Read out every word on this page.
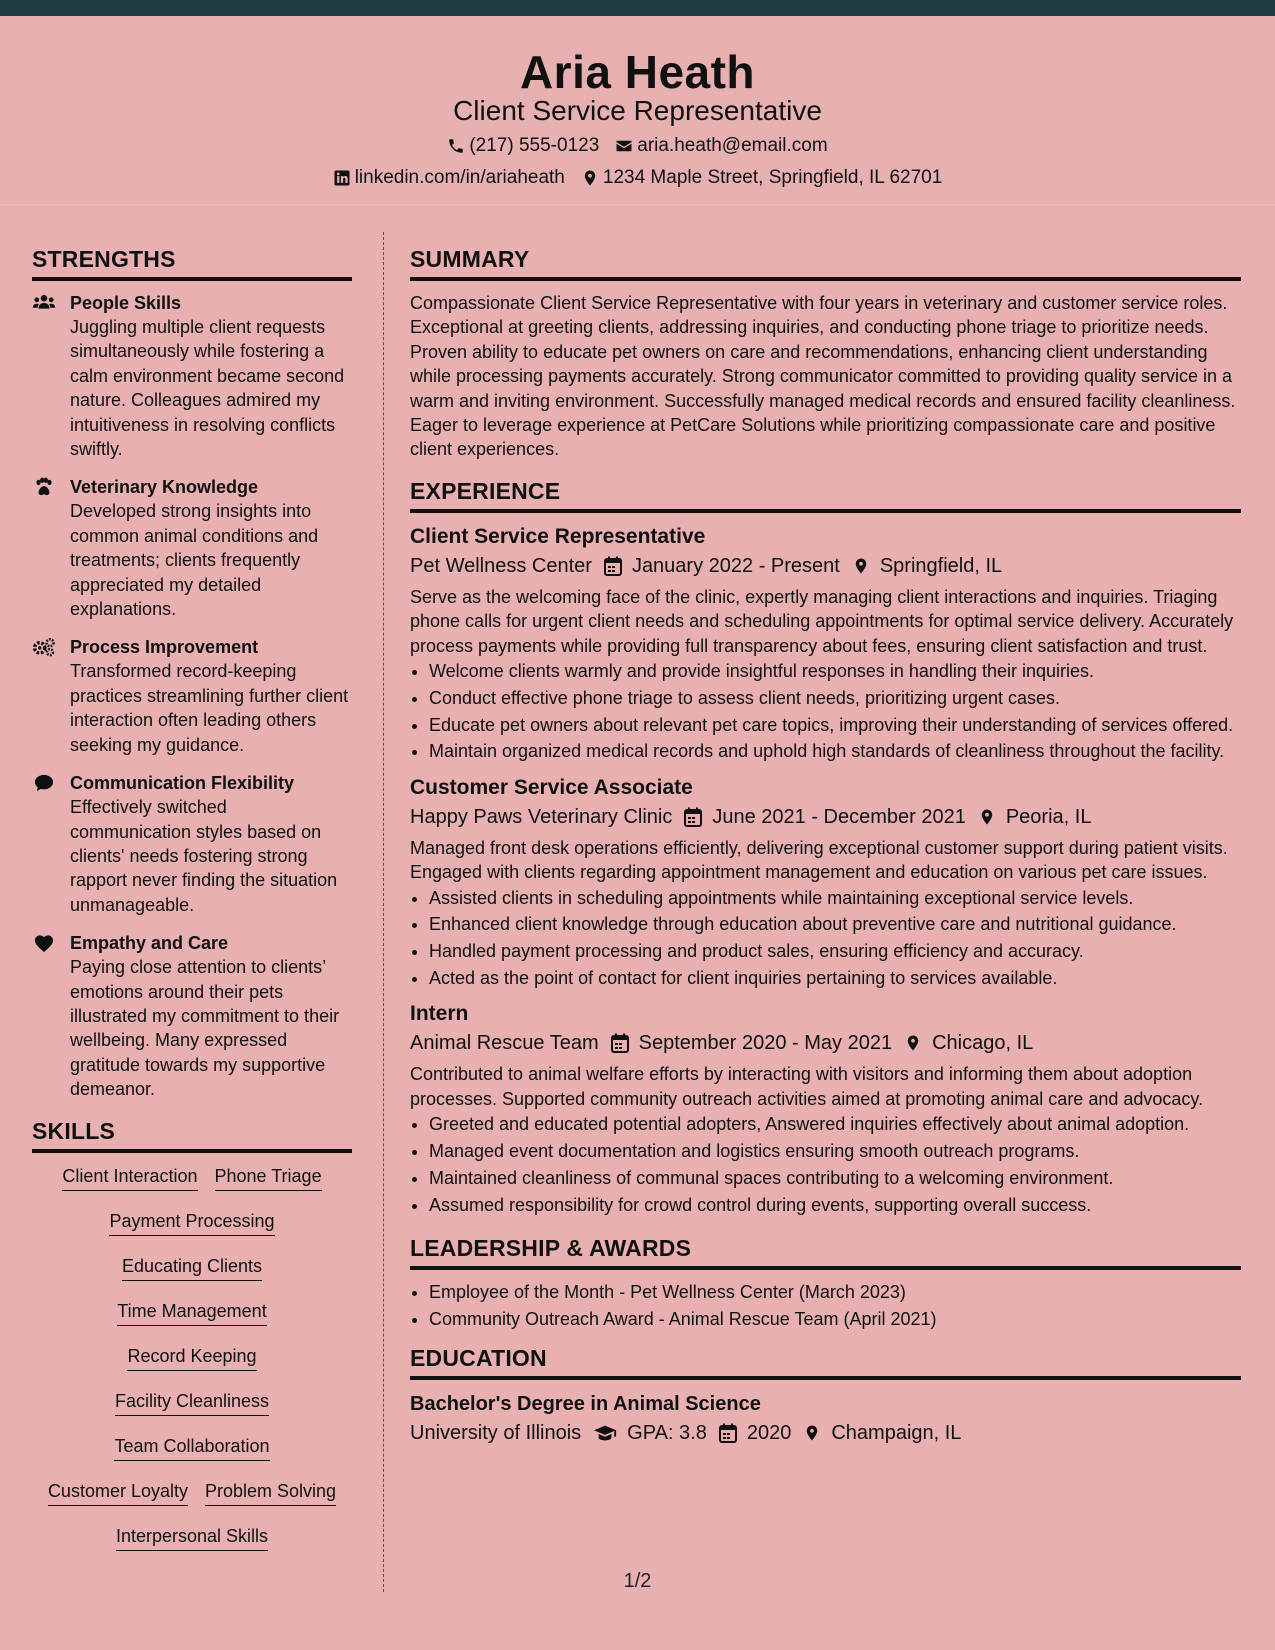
Aria Heath
Client Service Representative
(217) 555-0123 aria.heath@email.com
linkedin.com/in/ariaheath 1234 Maple Street, Springfield, IL 62701
STRENGTHS
People Skills
Juggling multiple client requests simultaneously while fostering a calm environment became second nature. Colleagues admired my intuitiveness in resolving conflicts swiftly.
Veterinary Knowledge
Developed strong insights into common animal conditions and treatments; clients frequently appreciated my detailed explanations.
Process Improvement
Transformed record-keeping practices streamlining further client interaction often leading others seeking my guidance.
Communication Flexibility
Effectively switched communication styles based on clients' needs fostering strong rapport never finding the situation unmanageable.
Empathy and Care
Paying close attention to clients’ emotions around their pets illustrated my commitment to their wellbeing. Many expressed gratitude towards my supportive demeanor.
SKILLS
Client Interaction Phone Triage
Payment Processing
Educating Clients
Time Management
Record Keeping
Facility Cleanliness
Team Collaboration
Customer Loyalty Problem Solving
Interpersonal Skills
SUMMARY
Compassionate Client Service Representative with four years in veterinary and customer service roles. Exceptional at greeting clients, addressing inquiries, and conducting phone triage to prioritize needs. Proven ability to educate pet owners on care and recommendations, enhancing client understanding while processing payments accurately. Strong communicator committed to providing quality service in a warm and inviting environment. Successfully managed medical records and ensured facility cleanliness. Eager to leverage experience at PetCare Solutions while prioritizing compassionate care and positive client experiences.
EXPERIENCE
Client Service Representative
Pet Wellness Center January 2022 - Present Springfield, IL
Serve as the welcoming face of the clinic, expertly managing client interactions and inquiries. Triaging phone calls for urgent client needs and scheduling appointments for optimal service delivery. Accurately process payments while providing full transparency about fees, ensuring client satisfaction and trust.
• Welcome clients warmly and provide insightful responses in handling their inquiries.
• Conduct effective phone triage to assess client needs, prioritizing urgent cases.
• Educate pet owners about relevant pet care topics, improving their understanding of services offered.
• Maintain organized medical records and uphold high standards of cleanliness throughout the facility.
Customer Service Associate
Happy Paws Veterinary Clinic June 2021 - December 2021 Peoria, IL
Managed front desk operations efficiently, delivering exceptional customer support during patient visits. Engaged with clients regarding appointment management and education on various pet care issues.
• Assisted clients in scheduling appointments while maintaining exceptional service levels.
• Enhanced client knowledge through education about preventive care and nutritional guidance.
• Handled payment processing and product sales, ensuring efficiency and accuracy.
• Acted as the point of contact for client inquiries pertaining to services available.
Intern
Animal Rescue Team September 2020 - May 2021 Chicago, IL
Contributed to animal welfare efforts by interacting with visitors and informing them about adoption processes. Supported community outreach activities aimed at promoting animal care and advocacy.
• Greeted and educated potential adopters, Answered inquiries effectively about animal adoption.
• Managed event documentation and logistics ensuring smooth outreach programs.
• Maintained cleanliness of communal spaces contributing to a welcoming environment.
• Assumed responsibility for crowd control during events, supporting overall success.
LEADERSHIP & AWARDS
• Employee of the Month - Pet Wellness Center (March 2023)
• Community Outreach Award - Animal Rescue Team (April 2021)
EDUCATION
Bachelor's Degree in Animal Science
University of Illinois GPA: 3.8 2020 Champaign, IL
1/2
